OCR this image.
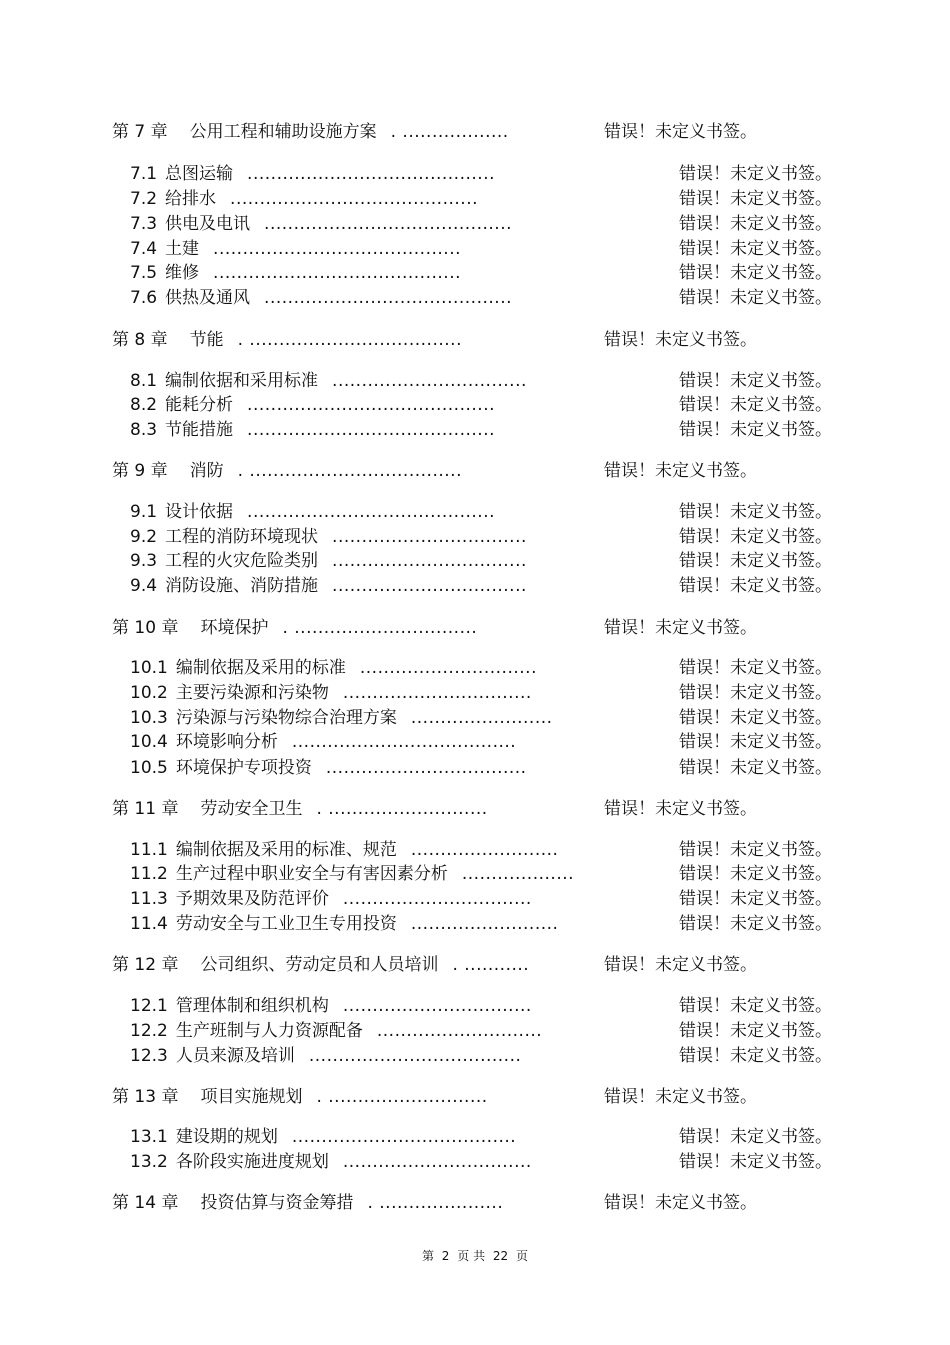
第 7 章 公用工程和辅助设施方案 . ..................	错误！未定义书签。
7.1 总图运输 ..........................................	错误！未定义书签。
7.2 给排水 ..........................................	错误！未定义书签。
7.3 供电及电讯 ..........................................	错误！未定义书签。
7.4 土建 ..........................................	错误！未定义书签。
7.5 维修 ..........................................	错误！未定义书签。
7.6 供热及通风 ..........................................	错误！未定义书签。
第 8 章 节能 . ....................................	错误！未定义书签。
8.1 编制依据和采用标准 .................................	错误！未定义书签。
8.2 能耗分析 ..........................................	错误！未定义书签。
8.3 节能措施 ..........................................	错误！未定义书签。
第 9 章 消防 . ....................................	错误！未定义书签。
9.1 设计依据 ..........................................	错误！未定义书签。
9.2 工程的消防环境现状 .................................	错误！未定义书签。
9.3 工程的火灾危险类别 .................................	错误！未定义书签。
9.4 消防设施、消防措施 .................................	错误！未定义书签。
第 10 章 环境保护 . ...............................	错误！未定义书签。
10.1 编制依据及采用的标准 ..............................	错误！未定义书签。
10.2 主要污染源和污染物 ................................	错误！未定义书签。
10.3 污染源与污染物综合治理方案 ........................	错误！未定义书签。
10.4 环境影响分析 ......................................	错误！未定义书签。
10.5 环境保护专项投资 ..................................	错误！未定义书签。
第 11 章 劳动安全卫生 . ...........................	错误！未定义书签。
11.1 编制依据及采用的标准、规范 .........................	错误！未定义书签。
11.2 生产过程中职业安全与有害因素分析 ...................	错误！未定义书签。
11.3 予期效果及防范评价 ................................	错误！未定义书签。
11.4 劳动安全与工业卫生专用投资 .........................	错误！未定义书签。
第 12 章 公司组织、劳动定员和人员培训 . ...........	错误！未定义书签。
12.1 管理体制和组织机构 ................................	错误！未定义书签。
12.2 生产班制与人力资源配备 ............................	错误！未定义书签。
12.3 人员来源及培训 ....................................	错误！未定义书签。
第 13 章 项目实施规划 . ...........................	错误！未定义书签。
13.1 建设期的规划 ......................................	错误！未定义书签。
13.2 各阶段实施进度规划 ................................	错误！未定义书签。
第 14 章 投资估算与资金筹措 . .....................	错误！未定义书签。
第 2 页 共 22 页
